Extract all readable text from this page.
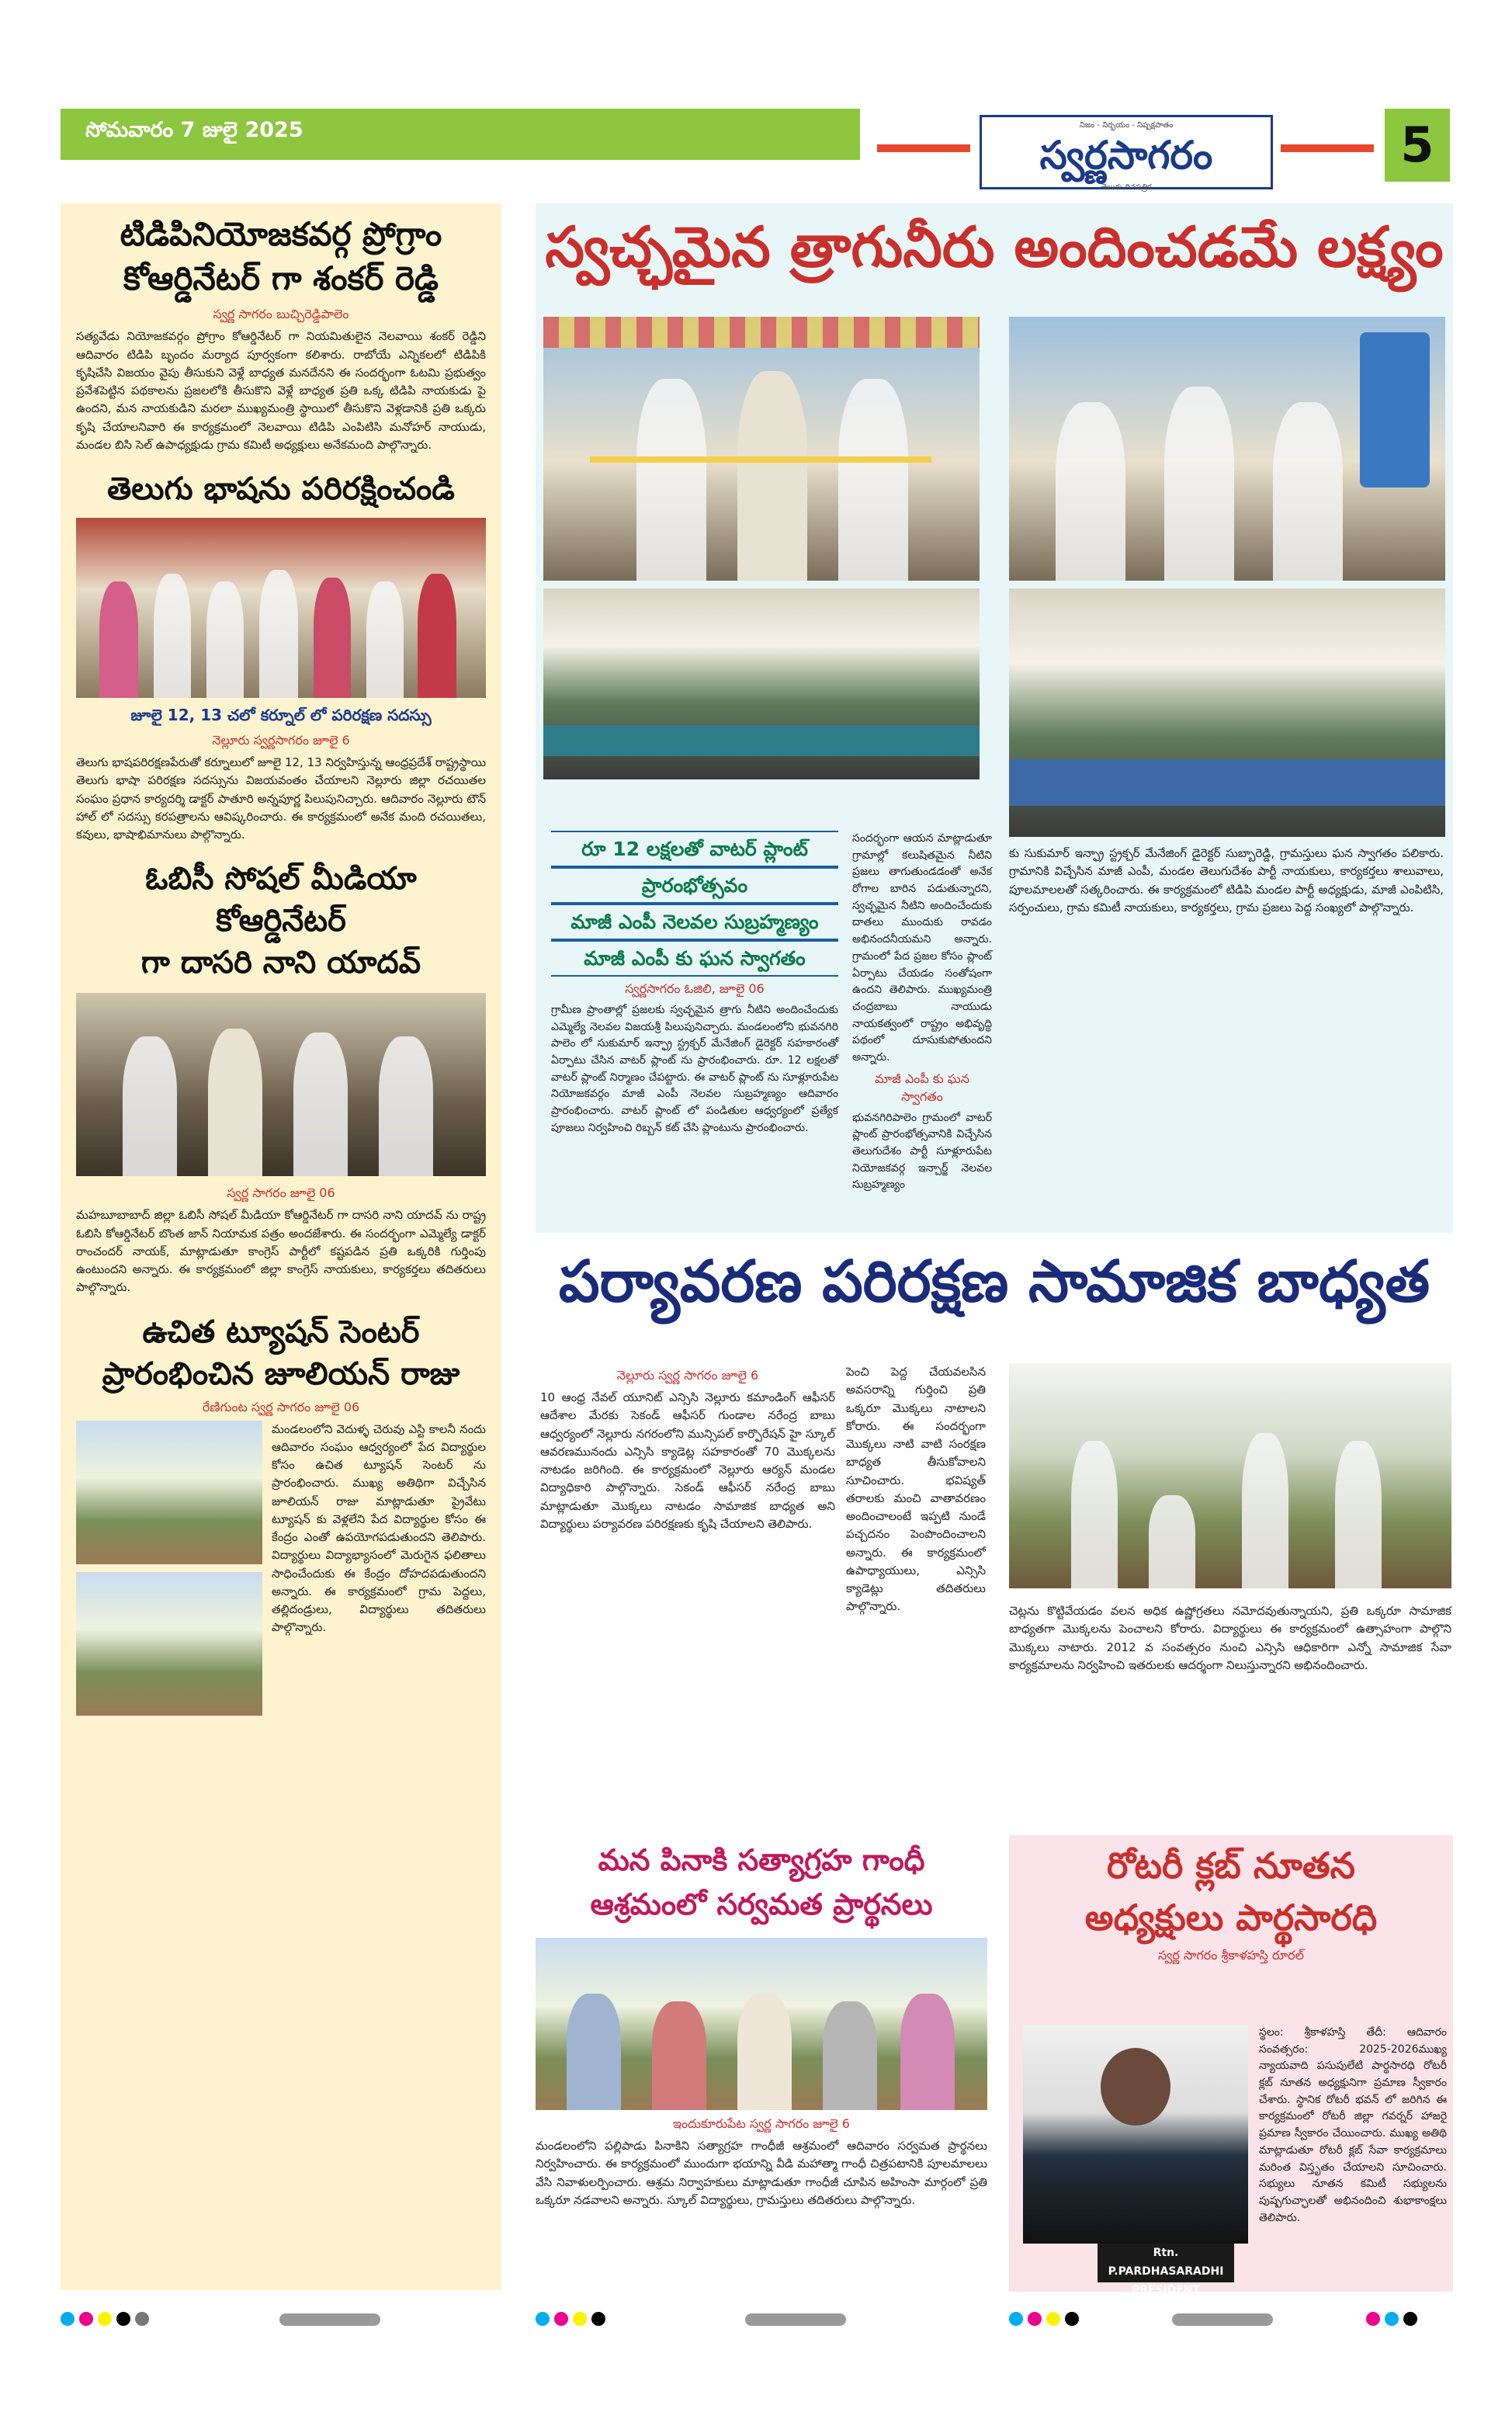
సోమవారం 7 జులై 2025	నిజం - నిర్భయం - నిష్పక్షపాతం
స్వర్ణసాగరం
తెలుగు దినపత్రిక
5
టిడిపినియోజకవర్గ ప్రోగ్రాం
కోఆర్డినేటర్ గా శంకర్ రెడ్డి
స్వర్ణ సాగరం బుచ్చిరెడ్డిపాలెం

సత్యవేడు నియోజకవర్గం ప్రోగ్రాం కోఆర్డినేటర్ గా నియమితులైన నెలవాయి శంకర్ రెడ్డిని ఆదివారం టిడిపి బృందం మర్యాద పూర్వకంగా కలిశారు. రాబోయే ఎన్నికలలో టిడిపికి కృషిచేసి విజయం వైపు తీసుకుని వెళ్లే బాధ్యత మనదేనని ఈ సందర్భంగా ఓటమి ప్రభుత్వం ప్రవేశపెట్టిన పథకాలను ప్రజలలోకి తీసుకొని వెళ్లే బాధ్యత ప్రతి ఒక్క టిడిపి నాయకుడు పై ఉందని, మన నాయకుడిని మరలా ముఖ్యమంత్రి స్థాయిలో తీసుకొని వెళ్లడానికి ప్రతి ఒక్కరు కృషి చేయాలనివారి ఈ కార్యక్రమంలో నెలవాయి టిడిపి ఎంపిటిసి మనోహర్ నాయుడు, మండల బిసి సెల్ ఉపాధ్యక్షుడు గ్రామ కమిటీ అధ్యక్షులు అనేకమంది పాల్గొన్నారు.

తెలుగు భాషను పరిరక్షించండి
జూలై 12, 13 చలో కర్నూల్ లో పరిరక్షణ సదస్సు
నెల్లూరు స్వర్ణసాగరం జూలై 6

తెలుగు భాషపరిరక్షణపేరుతో కర్నూలులో జూలై 12, 13 నిర్వహిస్తున్న ఆంధ్రప్రదేశ్ రాష్ట్రస్థాయి తెలుగు భాషా పరిరక్షణ సదస్సును విజయవంతం చేయాలని నెల్లూరు జిల్లా రచయితల సంఘం ప్రధాన కార్యదర్శి డాక్టర్ పాతూరి అన్నపూర్ణ పిలుపునిచ్చారు. ఆదివారం నెల్లూరు టౌన్ హాల్ లో సదస్సు కరపత్రాలను ఆవిష్కరించారు. ఈ కార్యక్రమంలో అనేక మంది రచయితలు, కవులు, భాషాభిమానులు పాల్గొన్నారు.

ఓబిసీ సోషల్ మీడియా కోఆర్డినేటర్
గా దాసరి నాని యాదవ్
స్వర్ణ సాగరం జూలై 06

మహబూబాబాద్ జిల్లా ఓబిసీ సోషల్ మీడియా కోఆర్డినేటర్ గా దాసరి నాని యాదవ్ ను రాష్ట్ర ఓబిసి కోఆర్డినేటర్ బొంత జాన్ నియామక పత్రం అందజేశారు. ఈ సందర్భంగా ఎమ్మెల్యే డాక్టర్ రాంచందర్ నాయక్, మాట్లాడుతూ కాంగ్రెస్ పార్టీలో కష్టపడిన ప్రతి ఒక్కరికి గుర్తింపు ఉంటుందని అన్నారు. ఈ కార్యక్రమంలో జిల్లా కాంగ్రెస్ నాయకులు, కార్యకర్తలు తదితరులు పాల్గొన్నారు.

ఉచిత ట్యూషన్ సెంటర్
ప్రారంభించిన జూలియన్ రాజు
రేణిగుంట స్వర్ణ సాగరం జూలై 06

మండలంలోని వెదుళ్ళ చెరువు ఎస్టి కాలనీ నందు ఆదివారం సంఘం ఆధ్వర్యంలో పేద విద్యార్థుల కోసం ఉచిత ట్యూషన్ సెంటర్ ను ప్రారంభించారు. ముఖ్య అతిథిగా విచ్చేసిన జూలియన్ రాజు మాట్లాడుతూ ప్రైవేటు ట్యూషన్ కు వెళ్లలేని పేద విద్యార్థుల కోసం ఈ కేంద్రం ఎంతో ఉపయోగపడుతుందని తెలిపారు. విద్యార్థులు విద్యాభ్యాసంలో మెరుగైన ఫలితాలు సాధించేందుకు ఈ కేంద్రం దోహదపడుతుందని అన్నారు. ఈ కార్యక్రమంలో గ్రామ పెద్దలు, తల్లిదండ్రులు, విద్యార్థులు తదితరులు పాల్గొన్నారు.

స్వచ్ఛమైన త్రాగునీరు అందించడమే లక్ష్యం
రూ 12 లక్షలతో వాటర్ ప్లాంట్
ప్రారంభోత్సవం
మాజీ ఎంపీ నెలవల సుబ్రహ్మణ్యం
మాజీ ఎంపీ కు ఘన స్వాగతం
స్వర్ణసాగరం ఓజిలి, జూలై 06

గ్రామీణ ప్రాంతాల్లో ప్రజలకు స్వచ్ఛమైన త్రాగు నీటిని అందించేందుకు ఎమ్మెల్యే నెలవల విజయశ్రీ పిలుపునిచ్చారు. మండలంలోని భువనగిరి పాలెం లో సుకుమార్ ఇన్ఫ్రా స్ట్రక్చర్ మేనేజింగ్ డైరెక్టర్ సహకారంతో ఏర్పాటు చేసిన వాటర్ ప్లాంట్ ను ప్రారంభించారు. రూ. 12 లక్షలతో వాటర్ ప్లాంట్ నిర్మాణం చేపట్టారు. ఈ వాటర్ ప్లాంట్ ను సూళ్లూరుపేట నియోజకవర్గం మాజీ ఎంపీ నెలవల సుబ్రహ్మణ్యం ఆదివారం ప్రారంభించారు. వాటర్ ప్లాంట్ లో పండితుల ఆధ్వర్యంలో ప్రత్యేక పూజలు నిర్వహించి రిబ్బన్ కట్ చేసి ప్లాంటును ప్రారంభించారు.

సందర్భంగా ఆయన మాట్లాడుతూ గ్రామాల్లో కలుషితమైన నీటిని ప్రజలు తాగుతుండడంతో అనేక రోగాల బారిన పడుతున్నారని, స్వచ్ఛమైన నీటిని అందించేందుకు దాతలు ముందుకు రావడం అభినందనీయమని అన్నారు. గ్రామంలో పేద ప్రజల కోసం ప్లాంట్ ఏర్పాటు చేయడం సంతోషంగా ఉందని తెలిపారు. ముఖ్యమంత్రి చంద్రబాబు నాయుడు నాయకత్వంలో రాష్ట్రం అభివృద్ధి పథంలో దూసుకుపోతుందని అన్నారు.

మాజీ ఎంపీ కు ఘన స్వాగతం

భువనగిరిపాలెం గ్రామంలో వాటర్ ప్లాంట్ ప్రారంభోత్సవానికి విచ్చేసిన తెలుగుదేశం పార్టీ సూళ్లూరుపేట నియోజకవర్గ ఇన్చార్జ్ నెలవల సుబ్రహ్మణ్యం

కు సుకుమార్ ఇన్ఫ్రా స్ట్రక్చర్ మేనేజింగ్ డైరెక్టర్ సుబ్బారెడ్డి, గ్రామస్తులు ఘన స్వాగతం పలికారు. గ్రామానికి విచ్చేసిన మాజీ ఎంపీ, మండల తెలుగుదేశం పార్టీ నాయకులు, కార్యకర్తలు శాలువాలు, పూలమాలలతో సత్కరించారు. ఈ కార్యక్రమంలో టిడిపి మండల పార్టీ అధ్యక్షుడు, మాజీ ఎంపిటిసి, సర్పంచులు, గ్రామ కమిటీ నాయకులు, కార్యకర్తలు, గ్రామ ప్రజలు పెద్ద సంఖ్యలో పాల్గొన్నారు.

పర్యావరణ పరిరక్షణ సామాజిక బాధ్యత
నెల్లూరు స్వర్ణ సాగరం జూలై 6

10 ఆంధ్ర నేవల్ యూనిట్ ఎన్సిసి నెల్లూరు కమాండింగ్ ఆఫీసర్ ఆదేశాల మేరకు సెకండ్ ఆఫీసర్ గుండాల నరేంద్ర బాబు ఆధ్వర్యంలో నెల్లూరు నగరంలోని మున్సిపల్ కార్పొరేషన్ హై స్కూల్ ఆవరణమునందు ఎన్సిసి క్యాడెట్ల సహకారంతో 70 మొక్కలను నాటడం జరిగింది. ఈ కార్యక్రమంలో నెల్లూరు ఆర్యన్ మండల విద్యాధికారి పాల్గొన్నారు. సెకండ్ ఆఫీసర్ నరేంద్ర బాబు మాట్లాడుతూ మొక్కలు నాటడం సామాజిక బాధ్యత అని విద్యార్థులు పర్యావరణ పరిరక్షణకు కృషి చేయాలని తెలిపారు.

పెంచి పెద్ద చేయవలసిన అవసరాన్ని గుర్తించి ప్రతి ఒక్కరూ మొక్కలు నాటాలని కోరారు. ఈ సందర్భంగా మొక్కలు నాటి వాటి సంరక్షణ బాధ్యత తీసుకోవాలని సూచించారు. భవిష్యత్ తరాలకు మంచి వాతావరణం అందించాలంటే ఇప్పటి నుండే పచ్చదనం పెంపొందించాలని అన్నారు. ఈ కార్యక్రమంలో ఉపాధ్యాయులు, ఎన్సిసి క్యాడెట్లు తదితరులు పాల్గొన్నారు.	చెట్లను కొట్టివేయడం వలన అధిక ఉష్ణోగ్రతలు నమోదవుతున్నాయని, ప్రతి ఒక్కరూ సామాజిక బాధ్యతగా మొక్కలను పెంచాలని కోరారు. విద్యార్థులు ఈ కార్యక్రమంలో ఉత్సాహంగా పాల్గొని మొక్కలు నాటారు. 2012 వ సంవత్సరం నుంచి ఎన్సిసి ఆధికారిగా ఎన్నో సామాజిక సేవా కార్యక్రమాలను నిర్వహించి ఇతరులకు ఆదర్శంగా నిలుస్తున్నారని అభినందించారు.

మన పినాకి సత్యాగ్రహ గాంధీ
ఆశ్రమంలో సర్వమత ప్రార్థనలు
ఇందుకూరుపేట స్వర్ణ సాగరం జూలై 6

మండలంలోని పల్లిపాడు పినాకిని సత్యాగ్రహ గాంధీజీ ఆశ్రమంలో ఆదివారం సర్వమత ప్రార్థనలు నిర్వహించారు. ఈ కార్యక్రమంలో ముందుగా భయాన్ని వీడి మహాత్మా గాంధీ చిత్రపటానికి పూలమాలలు వేసి నివాళులర్పించారు. ఆశ్రమ నిర్వాహకులు మాట్లాడుతూ గాంధీజీ చూపిన అహింసా మార్గంలో ప్రతి ఒక్కరూ నడవాలని అన్నారు. స్కూల్ విద్యార్థులు, గ్రామస్తులు తదితరులు పాల్గొన్నారు.

రోటరీ క్లబ్ నూతన
అధ్యక్షులు పార్థసారధి
స్వర్ణ సాగరం శ్రీకాళహస్తి రూరల్
Rtn. P.PARDHASARADHI
PRESIDENT

స్థలం: శ్రీకాళహస్తి తేదీ: ఆదివారం సంవత్సరం: 2025-2026ముఖ్య న్యాయవాది పసుపులేటి పార్థసారధి రోటరీ క్లబ్ నూతన అధ్యక్షునిగా ప్రమాణ స్వీకారం చేశారు. స్థానిక రోటరీ భవన్ లో జరిగిన ఈ కార్యక్రమంలో రోటరీ జిల్లా గవర్నర్ హాజరై ప్రమాణ స్వీకారం చేయించారు. ముఖ్య అతిథి మాట్లాడుతూ రోటరీ క్లబ్ సేవా కార్యక్రమాలు మరింత విస్తృతం చేయాలని సూచించారు. సభ్యులు నూతన కమిటీ సభ్యులను పుష్పగుచ్ఛాలతో అభినందించి శుభాకాంక్షలు తెలిపారు.
